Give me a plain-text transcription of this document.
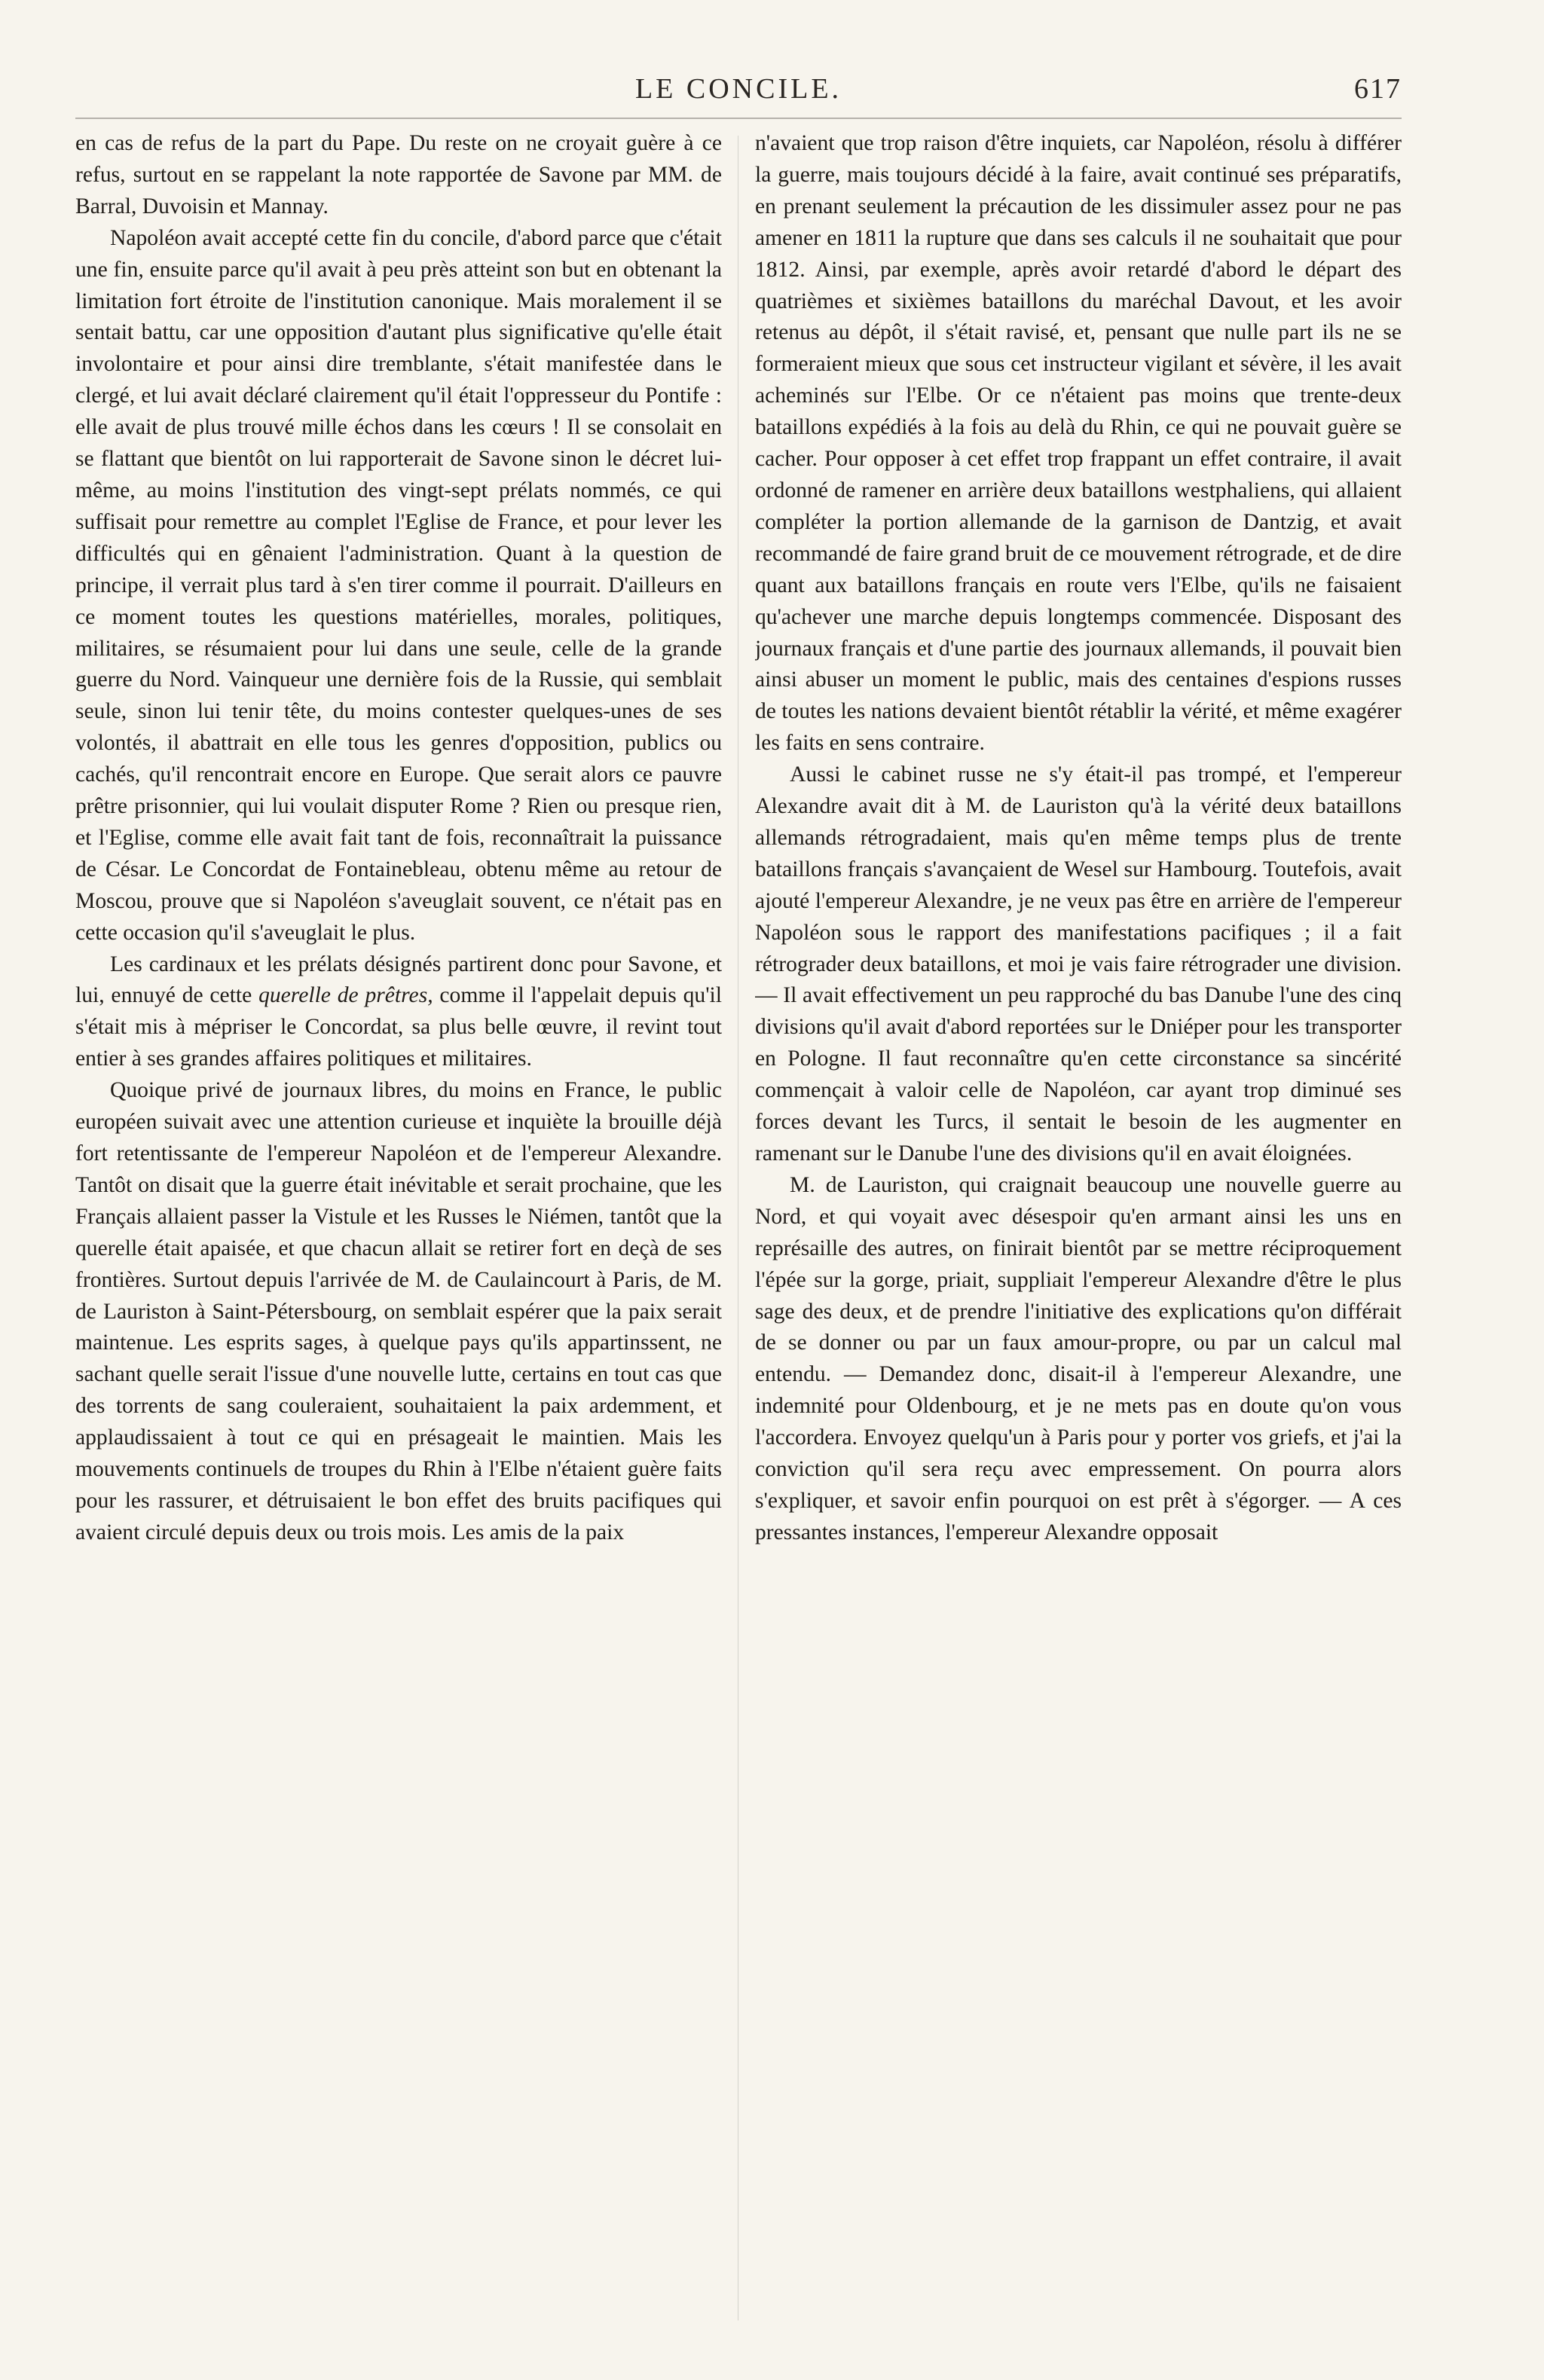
LE CONCILE.	617

en cas de refus de la part du Pape. Du reste on ne croyait guère à ce refus, surtout en se rappelant la note rapportée de Savone par MM. de Barral, Duvoisin et Mannay.

Napoléon avait accepté cette fin du concile, d'abord parce que c'était une fin, ensuite parce qu'il avait à peu près atteint son but en obtenant la limitation fort étroite de l'institution canonique. Mais moralement il se sentait battu, car une opposition d'autant plus significative qu'elle était involontaire et pour ainsi dire tremblante, s'était manifestée dans le clergé, et lui avait déclaré clairement qu'il était l'oppresseur du Pontife : elle avait de plus trouvé mille échos dans les cœurs ! Il se consolait en se flattant que bientôt on lui rapporterait de Savone sinon le décret lui-même, au moins l'institution des vingt-sept prélats nommés, ce qui suffisait pour remettre au complet l'Eglise de France, et pour lever les difficultés qui en gênaient l'administration. Quant à la question de principe, il verrait plus tard à s'en tirer comme il pourrait. D'ailleurs en ce moment toutes les questions matérielles, morales, politiques, militaires, se résumaient pour lui dans une seule, celle de la grande guerre du Nord. Vainqueur une dernière fois de la Russie, qui semblait seule, sinon lui tenir tête, du moins contester quelques-unes de ses volontés, il abattrait en elle tous les genres d'opposition, publics ou cachés, qu'il rencontrait encore en Europe. Que serait alors ce pauvre prêtre prisonnier, qui lui voulait disputer Rome ? Rien ou presque rien, et l'Eglise, comme elle avait fait tant de fois, reconnaîtrait la puissance de César. Le Concordat de Fontainebleau, obtenu même au retour de Moscou, prouve que si Napoléon s'aveuglait souvent, ce n'était pas en cette occasion qu'il s'aveuglait le plus.

Les cardinaux et les prélats désignés partirent donc pour Savone, et lui, ennuyé de cette querelle de prêtres, comme il l'appelait depuis qu'il s'était mis à mépriser le Concordat, sa plus belle œuvre, il revint tout entier à ses grandes affaires politiques et militaires.

Quoique privé de journaux libres, du moins en France, le public européen suivait avec une attention curieuse et inquiète la brouille déjà fort retentissante de l'empereur Napoléon et de l'empereur Alexandre. Tantôt on disait que la guerre était inévitable et serait prochaine, que les Français allaient passer la Vistule et les Russes le Niémen, tantôt que la querelle était apaisée, et que chacun allait se retirer fort en deçà de ses frontières. Surtout depuis l'arrivée de M. de Caulaincourt à Paris, de M. de Lauriston à Saint-Pétersbourg, on semblait espérer que la paix serait maintenue. Les esprits sages, à quelque pays qu'ils appartinssent, ne sachant quelle serait l'issue d'une nouvelle lutte, certains en tout cas que des torrents de sang couleraient, souhaitaient la paix ardemment, et applaudissaient à tout ce qui en présageait le maintien. Mais les mouvements continuels de troupes du Rhin à l'Elbe n'étaient guère faits pour les rassurer, et détruisaient le bon effet des bruits pacifiques qui avaient circulé depuis deux ou trois mois. Les amis de la paix

n'avaient que trop raison d'être inquiets, car Napoléon, résolu à différer la guerre, mais toujours décidé à la faire, avait continué ses préparatifs, en prenant seulement la précaution de les dissimuler assez pour ne pas amener en 1811 la rupture que dans ses calculs il ne souhaitait que pour 1812. Ainsi, par exemple, après avoir retardé d'abord le départ des quatrièmes et sixièmes bataillons du maréchal Davout, et les avoir retenus au dépôt, il s'était ravisé, et, pensant que nulle part ils ne se formeraient mieux que sous cet instructeur vigilant et sévère, il les avait acheminés sur l'Elbe. Or ce n'étaient pas moins que trente-deux bataillons expédiés à la fois au delà du Rhin, ce qui ne pouvait guère se cacher. Pour opposer à cet effet trop frappant un effet contraire, il avait ordonné de ramener en arrière deux bataillons westphaliens, qui allaient compléter la portion allemande de la garnison de Dantzig, et avait recommandé de faire grand bruit de ce mouvement rétrograde, et de dire quant aux bataillons français en route vers l'Elbe, qu'ils ne faisaient qu'achever une marche depuis longtemps commencée. Disposant des journaux français et d'une partie des journaux allemands, il pouvait bien ainsi abuser un moment le public, mais des centaines d'espions russes de toutes les nations devaient bientôt rétablir la vérité, et même exagérer les faits en sens contraire.

Aussi le cabinet russe ne s'y était-il pas trompé, et l'empereur Alexandre avait dit à M. de Lauriston qu'à la vérité deux bataillons allemands rétrogradaient, mais qu'en même temps plus de trente bataillons français s'avançaient de Wesel sur Hambourg. Toutefois, avait ajouté l'empereur Alexandre, je ne veux pas être en arrière de l'empereur Napoléon sous le rapport des manifestations pacifiques ; il a fait rétrograder deux bataillons, et moi je vais faire rétrograder une division. — Il avait effectivement un peu rapproché du bas Danube l'une des cinq divisions qu'il avait d'abord reportées sur le Dniéper pour les transporter en Pologne. Il faut reconnaître qu'en cette circonstance sa sincérité commençait à valoir celle de Napoléon, car ayant trop diminué ses forces devant les Turcs, il sentait le besoin de les augmenter en ramenant sur le Danube l'une des divisions qu'il en avait éloignées.

M. de Lauriston, qui craignait beaucoup une nouvelle guerre au Nord, et qui voyait avec désespoir qu'en armant ainsi les uns en représaille des autres, on finirait bientôt par se mettre réciproquement l'épée sur la gorge, priait, suppliait l'empereur Alexandre d'être le plus sage des deux, et de prendre l'initiative des explications qu'on différait de se donner ou par un faux amour-propre, ou par un calcul mal entendu. — Demandez donc, disait-il à l'empereur Alexandre, une indemnité pour Oldenbourg, et je ne mets pas en doute qu'on vous l'accordera. Envoyez quelqu'un à Paris pour y porter vos griefs, et j'ai la conviction qu'il sera reçu avec empressement. On pourra alors s'expliquer, et savoir enfin pourquoi on est prêt à s'égorger. — A ces pressantes instances, l'empereur Alexandre opposait
